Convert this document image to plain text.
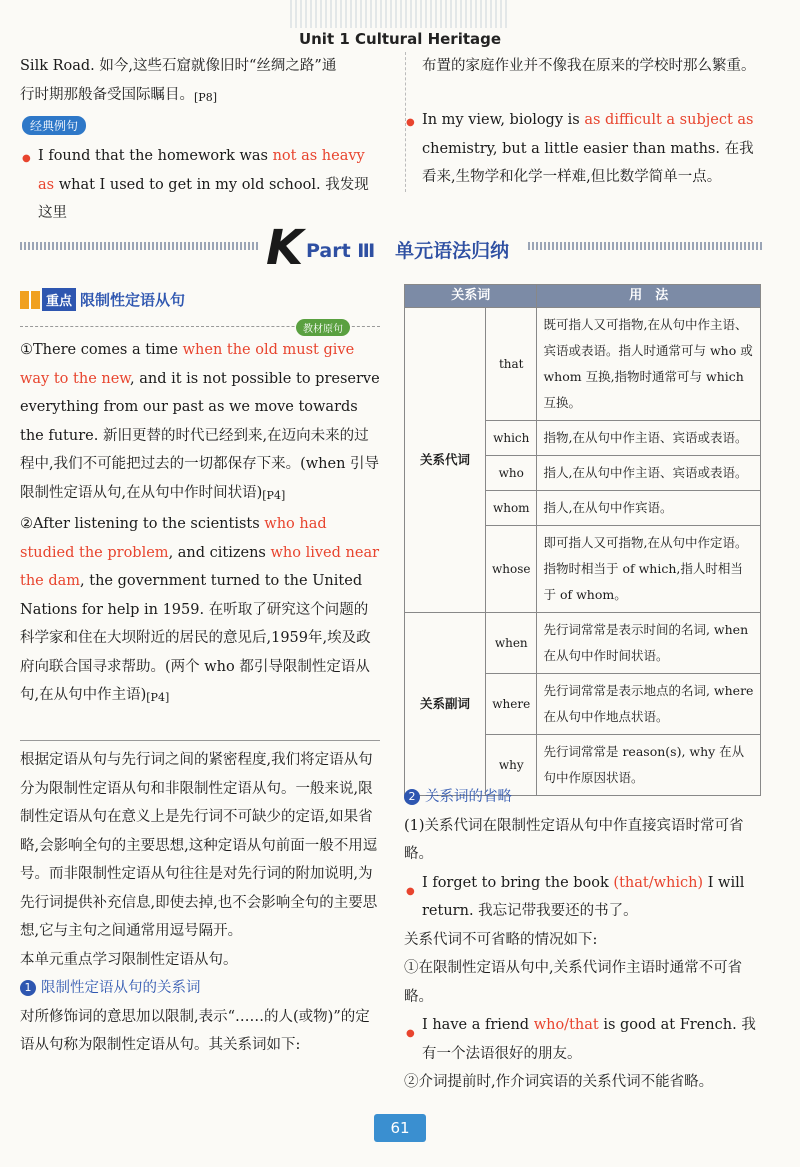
Unit 1 Cultural Heritage

Silk Road. 如今,这些石窟就像旧时“丝绸之路”通
行时期那般备受国际瞩目。[P8]

经典例句

● I found that the homework was not as heavy as what I used to get in my old school. 我发现这里

布置的家庭作业并不像我在原来的学校时那么繁重。

● In my view, biology is as difficult a subject as chemistry, but a little easier than maths. 在我看来,生物学和化学一样难,但比数学简单一点。

K Part Ⅲ 单元语法归纳
重点 限制性定语从句
教材原句

①There comes a time when the old must give way to the new, and it is not possible to preserve everything from our past as we move towards the future. 新旧更替的时代已经到来,在迈向未来的过程中,我们不可能把过去的一切都保存下来。(when 引导限制性定语从句,在从句中作时间状语)[P4]

②After listening to the scientists who had studied the problem, and citizens who lived near the dam, the government turned to the United Nations for help in 1959. 在听取了研究这个问题的科学家和住在大坝附近的居民的意见后,1959年,埃及政府向联合国寻求帮助。(两个 who 都引导限制性定语从句,在从句中作主语)[P4]

根据定语从句与先行词之间的紧密程度,我们将定语从句分为限制性定语从句和非限制性定语从句。一般来说,限制性定语从句在意义上是先行词不可缺少的定语,如果省略,会影响全句的主要思想,这种定语从句前面一般不用逗号。而非限制性定语从句往往是对先行词的附加说明,为先行词提供补充信息,即使去掉,也不会影响全句的主要思想,它与主句之间通常用逗号隔开。

本单元重点学习限制性定语从句。

1 限制性定语从句的关系词

对所修饰词的意思加以限制,表示“……的人(或物)”的定语从句称为限制性定语从句。其关系词如下:

关系词		用　法
关系代词	that	既可指人又可指物,在从句中作主语、宾语或表语。指人时通常可与 who 或 whom 互换,指物时通常可与 which 互换。
	which	指物,在从句中作主语、宾语或表语。
	who	指人,在从句中作主语、宾语或表语。
	whom	指人,在从句中作宾语。
	whose	即可指人又可指物,在从句中作定语。指物时相当于 of which,指人时相当于 of whom。
关系副词	when	先行词常常是表示时间的名词, when 在从句中作时间状语。
	where	先行词常常是表示地点的名词, where 在从句中作地点状语。
	why	先行词常常是 reason(s), why 在从句中作原因状语。

2 关系词的省略

(1)关系代词在限制性定语从句中作直接宾语时常可省略。

I forget to bring the book (that/which) I will return. 我忘记带我要还的书了。

关系代词不可省略的情况如下:

①在限制性定语从句中,关系代词作主语时通常不可省略。

I have a friend who/that is good at French. 我有一个法语很好的朋友。

②介词提前时,作介词宾语的关系代词不能省略。

61
